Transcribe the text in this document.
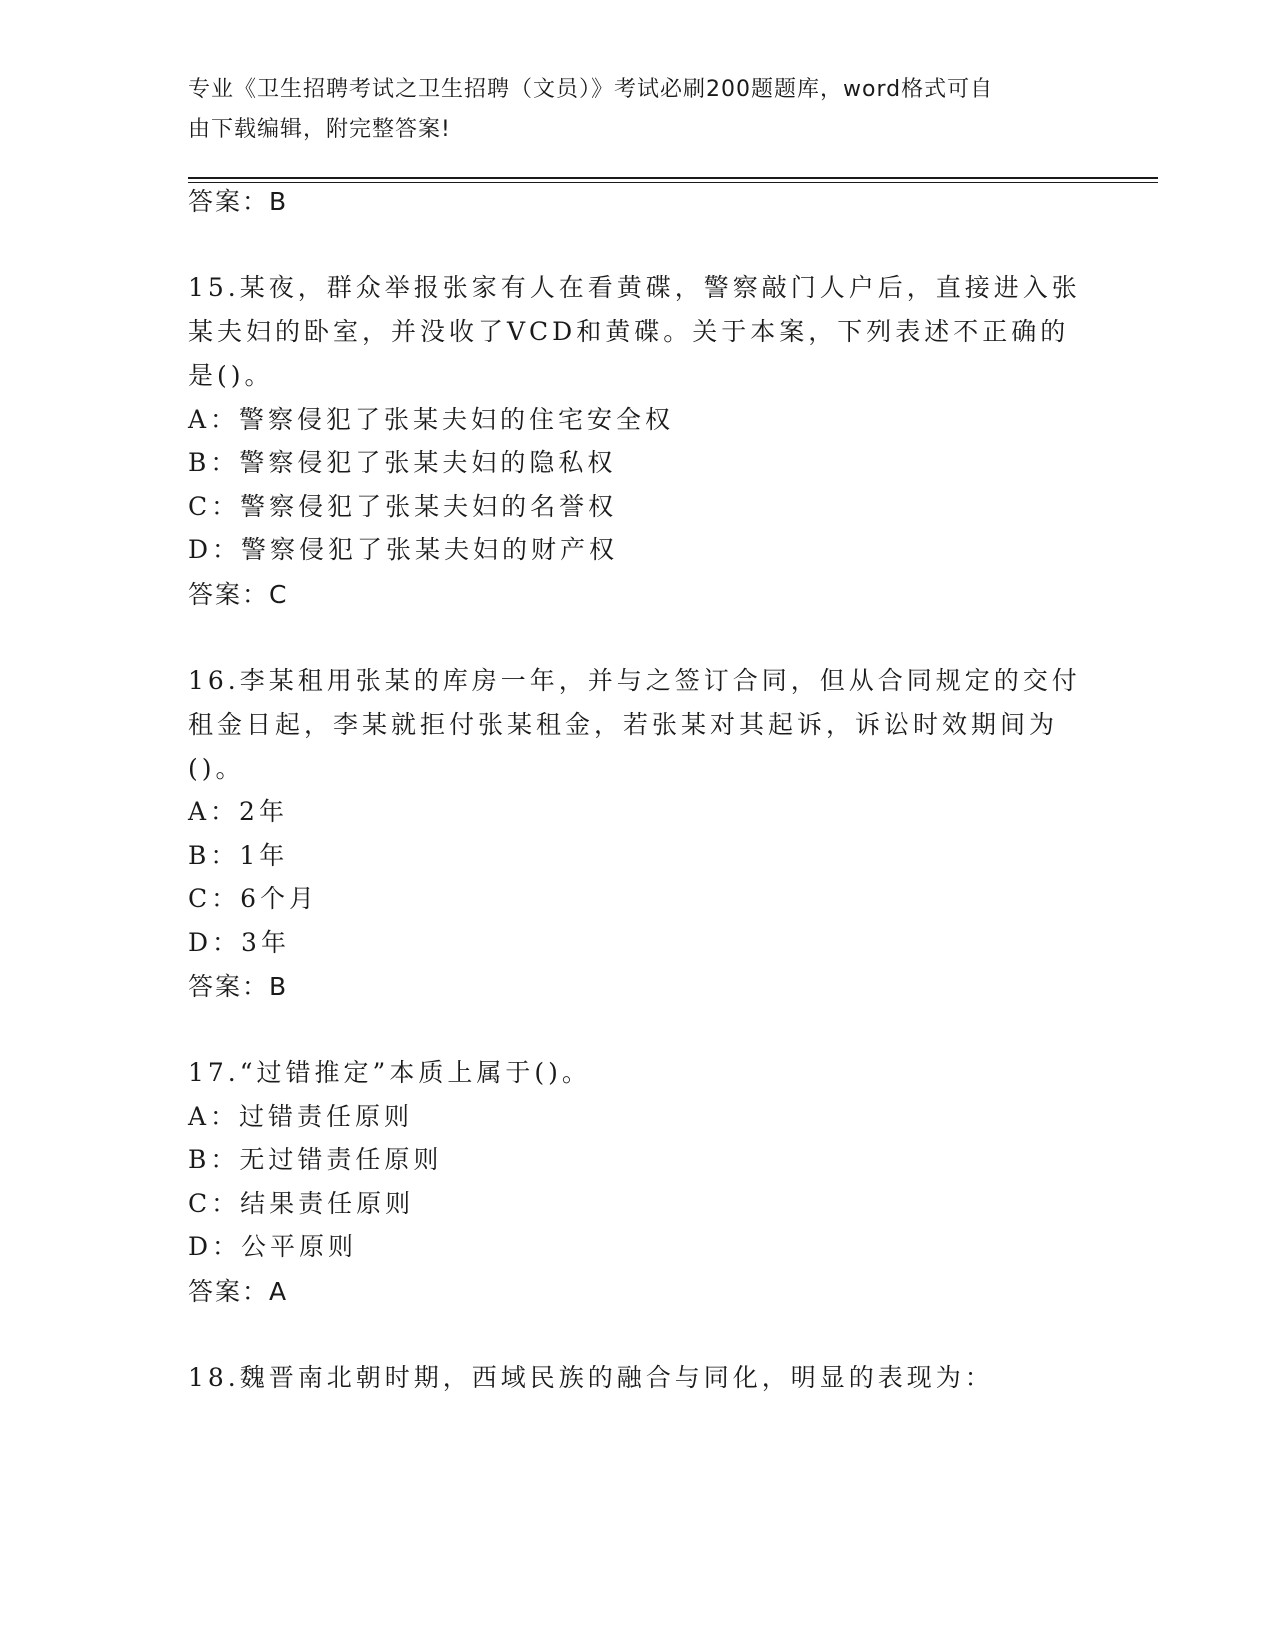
专业《卫生招聘考试之卫生招聘（文员）》考试必刷200题题库，word格式可自
由下载编辑，附完整答案!
答案：B
15.某夜，群众举报张家有人在看黄碟，警察敲门人户后，直接进入张
某夫妇的卧室，并没收了VCD和黄碟。关于本案，下列表述不正确的
是()。
A：警察侵犯了张某夫妇的住宅安全权
B：警察侵犯了张某夫妇的隐私权
C：警察侵犯了张某夫妇的名誉权
D：警察侵犯了张某夫妇的财产权
答案：C
16.李某租用张某的库房一年，并与之签订合同，但从合同规定的交付
租金日起，李某就拒付张某租金，若张某对其起诉，诉讼时效期间为
()。
A：2年
B：1年
C：6个月
D：3年
答案：B
17.“过错推定”本质上属于()。
A：过错责任原则
B：无过错责任原则
C：结果责任原则
D：公平原则
答案：A
18.魏晋南北朝时期，西域民族的融合与同化，明显的表现为：
